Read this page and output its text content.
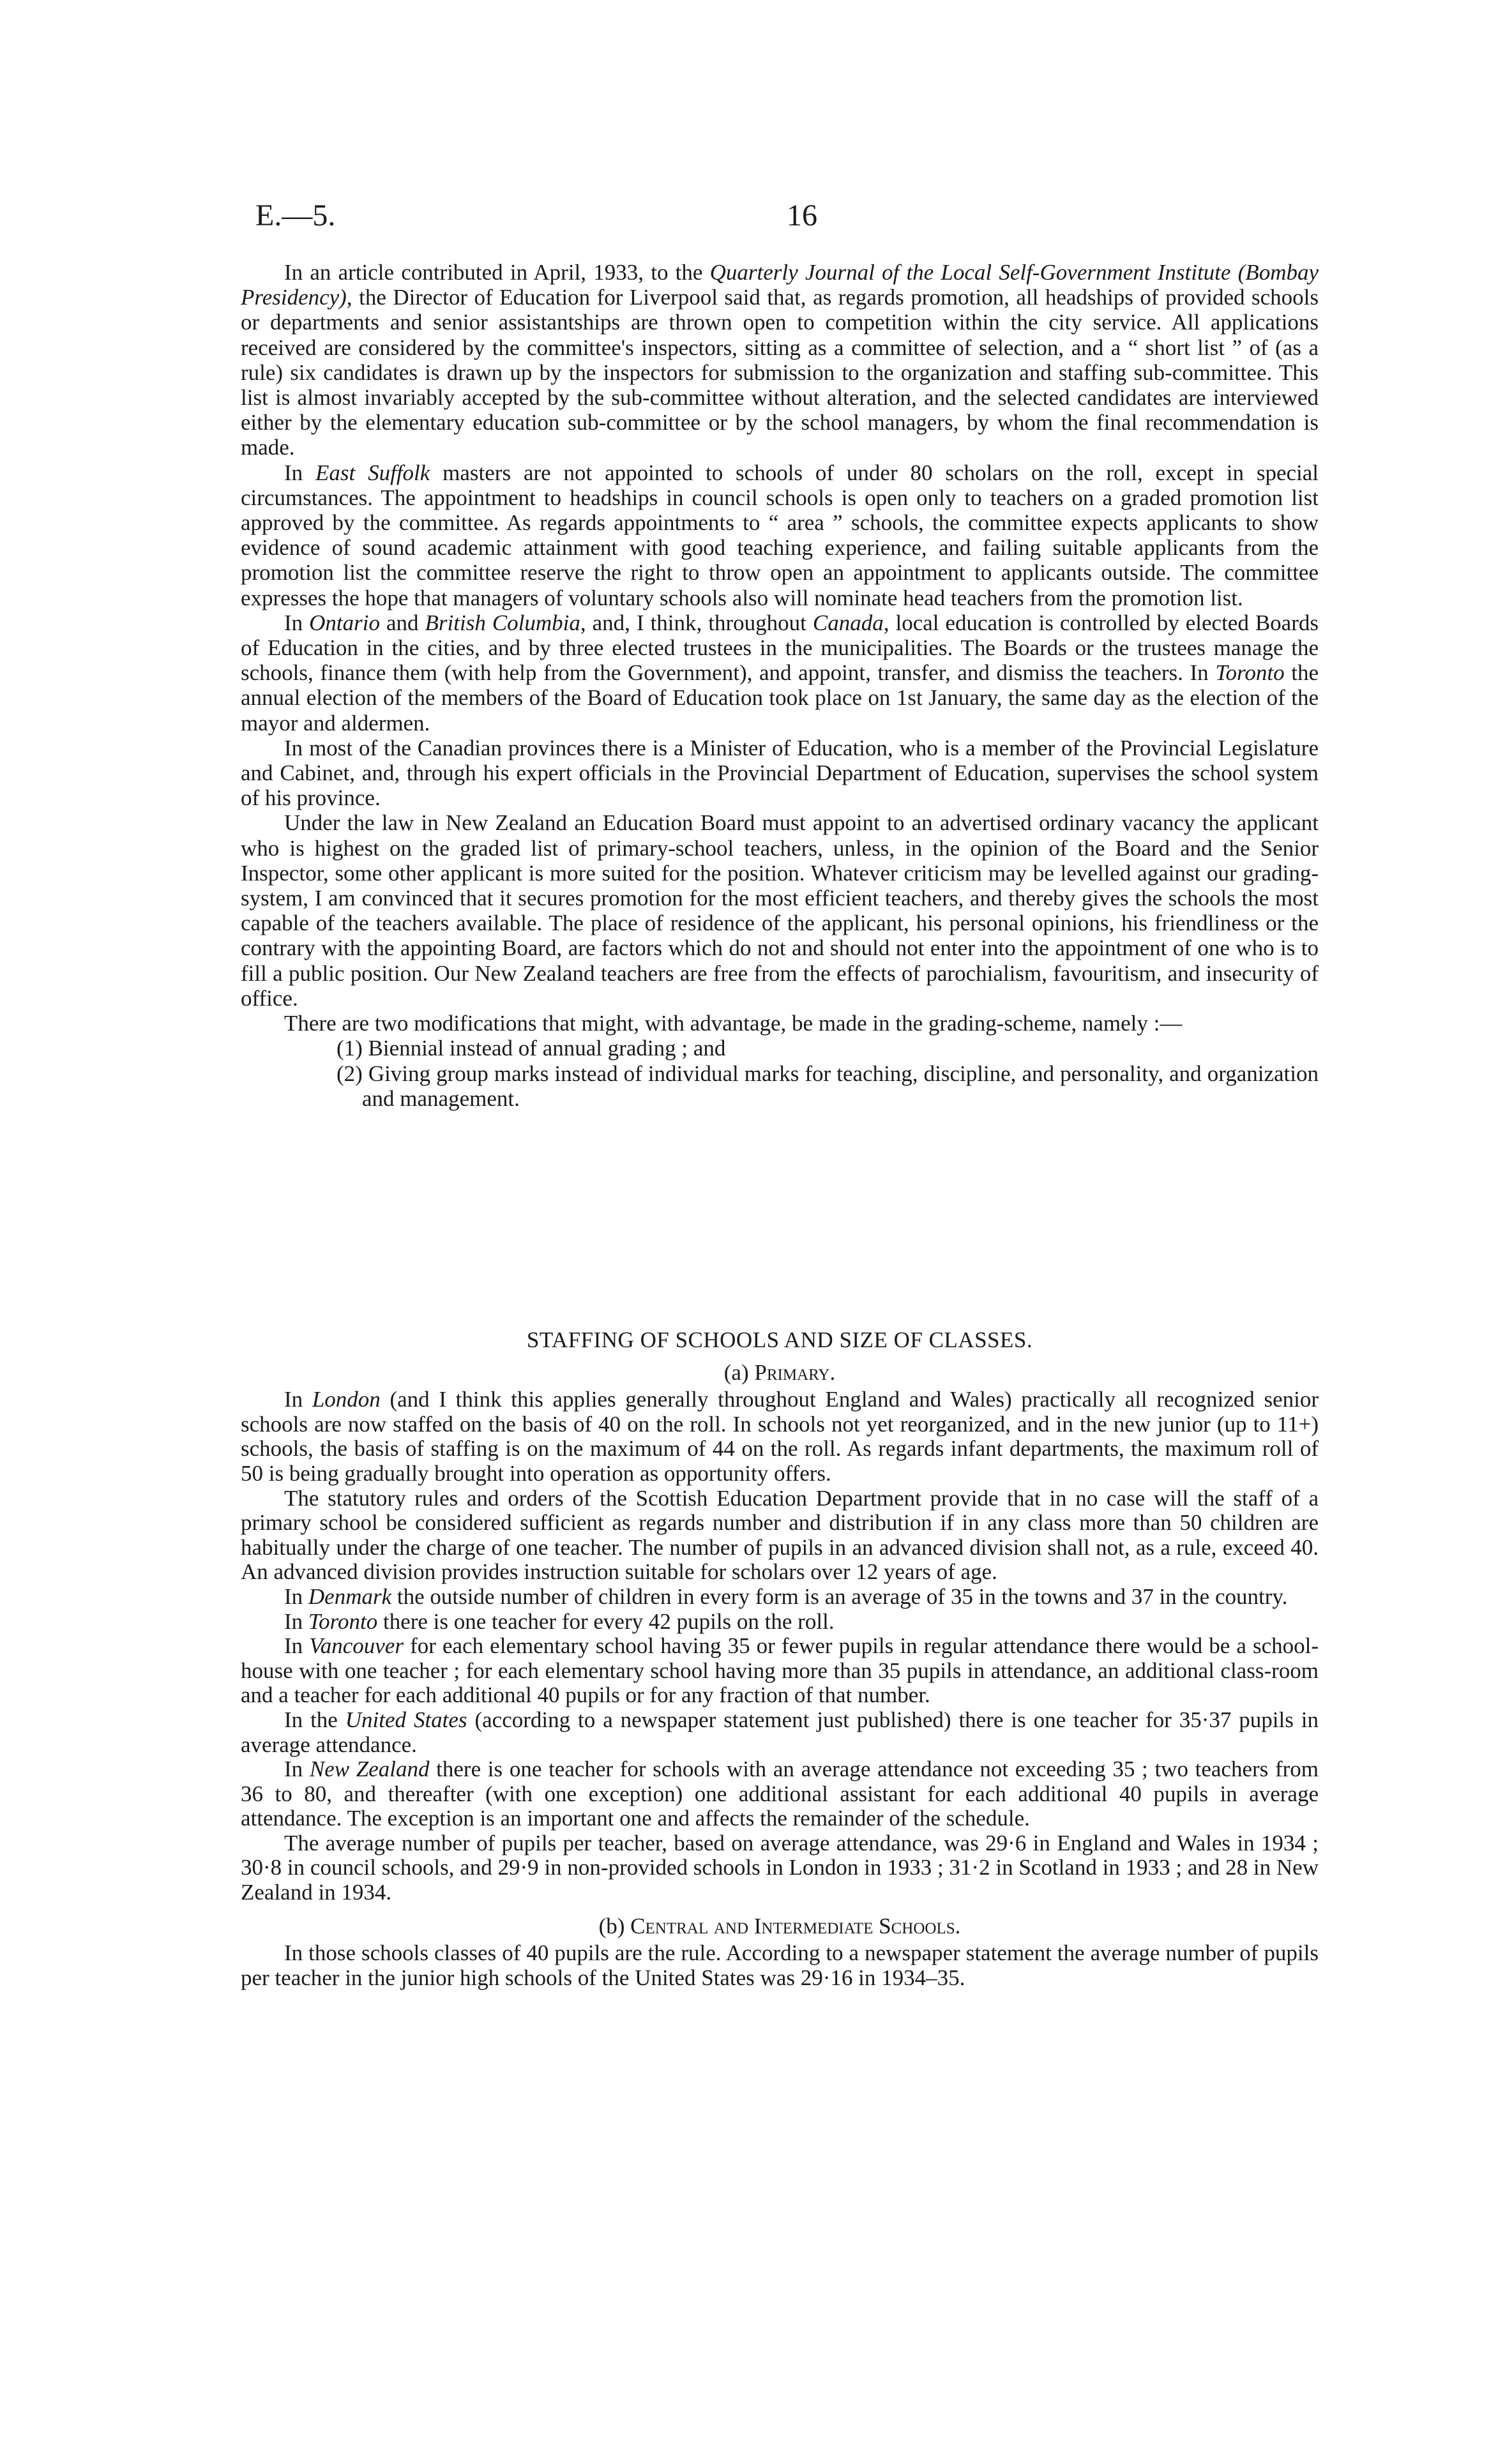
E.—5.	16

In an article contributed in April, 1933, to the Quarterly Journal of the Local Self-Government Institute (Bombay Presidency), the Director of Education for Liverpool said that, as regards promotion, all headships of provided schools or departments and senior assistantships are thrown open to competition within the city service. All applications received are considered by the committee's inspectors, sitting as a committee of selection, and a “ short list ” of (as a rule) six candidates is drawn up by the inspectors for submission to the organization and staffing sub-committee. This list is almost invariably accepted by the sub-committee without alteration, and the selected candidates are interviewed either by the elementary education sub-committee or by the school managers, by whom the final recommendation is made.

In East Suffolk masters are not appointed to schools of under 80 scholars on the roll, except in special circumstances. The appointment to headships in council schools is open only to teachers on a graded promotion list approved by the committee. As regards appointments to “ area ” schools, the committee expects applicants to show evidence of sound academic attainment with good teaching experience, and failing suitable applicants from the promotion list the committee reserve the right to throw open an appointment to applicants outside. The committee expresses the hope that managers of voluntary schools also will nominate head teachers from the promotion list.

In Ontario and British Columbia, and, I think, throughout Canada, local education is controlled by elected Boards of Education in the cities, and by three elected trustees in the municipalities. The Boards or the trustees manage the schools, finance them (with help from the Government), and appoint, transfer, and dismiss the teachers. In Toronto the annual election of the members of the Board of Education took place on 1st January, the same day as the election of the mayor and aldermen.

In most of the Canadian provinces there is a Minister of Education, who is a member of the Provincial Legislature and Cabinet, and, through his expert officials in the Provincial Department of Education, supervises the school system of his province.

Under the law in New Zealand an Education Board must appoint to an advertised ordinary vacancy the applicant who is highest on the graded list of primary-school teachers, unless, in the opinion of the Board and the Senior Inspector, some other applicant is more suited for the position. Whatever criticism may be levelled against our grading-system, I am convinced that it secures promotion for the most efficient teachers, and thereby gives the schools the most capable of the teachers available. The place of residence of the applicant, his personal opinions, his friendliness or the contrary with the appointing Board, are factors which do not and should not enter into the appointment of one who is to fill a public position. Our New Zealand teachers are free from the effects of parochialism, favouritism, and insecurity of office.

There are two modifications that might, with advantage, be made in the grading-scheme, namely :—

(1) Biennial instead of annual grading ; and

(2) Giving group marks instead of individual marks for teaching, discipline, and personality, and organization and management.

STAFFING OF SCHOOLS AND SIZE OF CLASSES.

(a) Primary.

In London (and I think this applies generally throughout England and Wales) practically all recognized senior schools are now staffed on the basis of 40 on the roll. In schools not yet reorganized, and in the new junior (up to 11+) schools, the basis of staffing is on the maximum of 44 on the roll. As regards infant departments, the maximum roll of 50 is being gradually brought into operation as opportunity offers.

The statutory rules and orders of the Scottish Education Department provide that in no case will the staff of a primary school be considered sufficient as regards number and distribution if in any class more than 50 children are habitually under the charge of one teacher. The number of pupils in an advanced division shall not, as a rule, exceed 40. An advanced division provides instruction suitable for scholars over 12 years of age.

In Denmark the outside number of children in every form is an average of 35 in the towns and 37 in the country.

In Toronto there is one teacher for every 42 pupils on the roll.

In Vancouver for each elementary school having 35 or fewer pupils in regular attendance there would be a school-house with one teacher ; for each elementary school having more than 35 pupils in attendance, an additional class-room and a teacher for each additional 40 pupils or for any fraction of that number.

In the United States (according to a newspaper statement just published) there is one teacher for 35·37 pupils in average attendance.

In New Zealand there is one teacher for schools with an average attendance not exceeding 35 ; two teachers from 36 to 80, and thereafter (with one exception) one additional assistant for each additional 40 pupils in average attendance. The exception is an important one and affects the remainder of the schedule.

The average number of pupils per teacher, based on average attendance, was 29·6 in England and Wales in 1934 ; 30·8 in council schools, and 29·9 in non-provided schools in London in 1933 ; 31·2 in Scotland in 1933 ; and 28 in New Zealand in 1934.

(b) Central and Intermediate Schools.

In those schools classes of 40 pupils are the rule. According to a newspaper statement the average number of pupils per teacher in the junior high schools of the United States was 29·16 in 1934–35.
